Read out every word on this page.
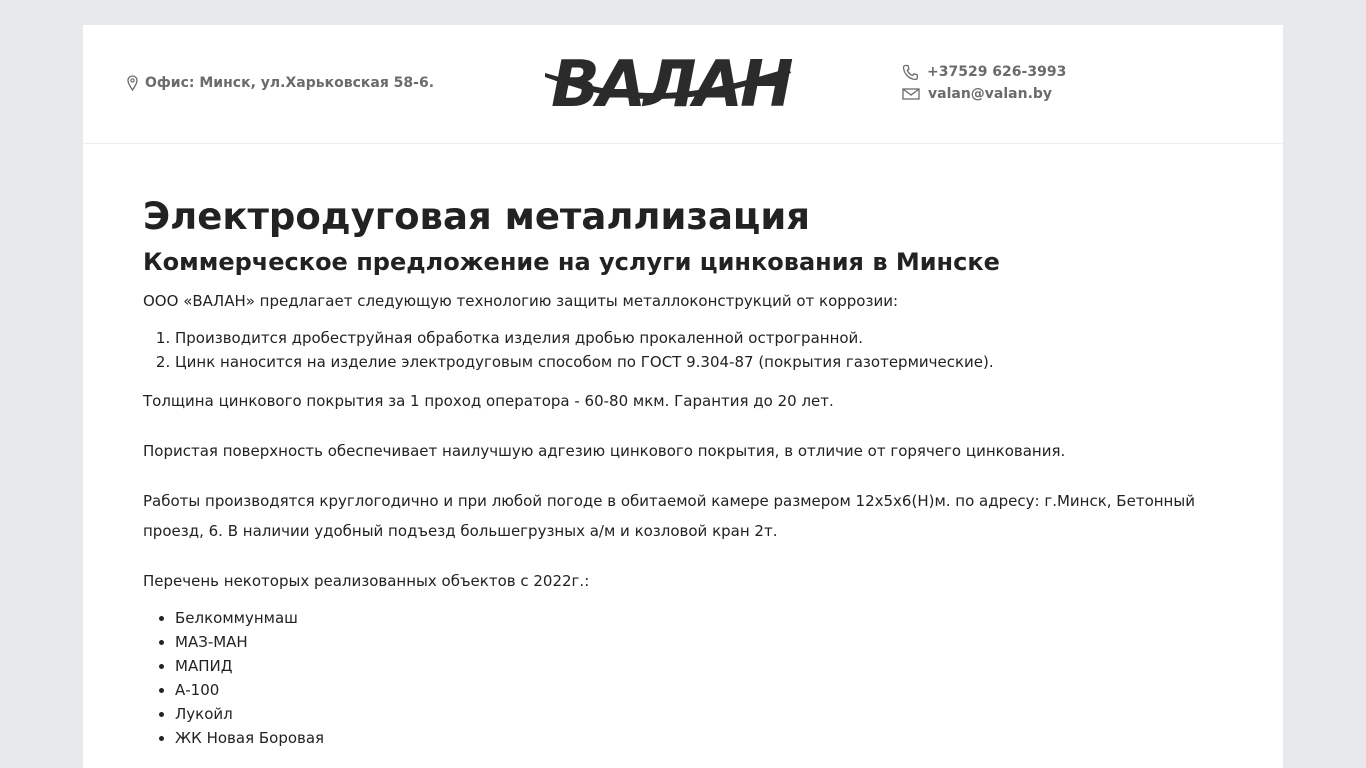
Офис: Минск, ул.Харьковская 58-6. ВАЛАН	+37529 626-3993
valan@valan.by
Электродуговая металлизация
Коммерческое предложение на услуги цинкования в Минске

ООО «ВАЛАН» предлагает следующую технологию защиты металлоконструкций от коррозии:

1. Производится дробеструйная обработка изделия дробью прокаленной острогранной.
2. Цинк наносится на изделие электродуговым способом по ГОСТ 9.304-87 (покрытия газотермические).

Толщина цинкового покрытия за 1 проход оператора - 60-80 мкм. Гарантия до 20 лет.

Пористая поверхность обеспечивает наилучшую адгезию цинкового покрытия, в отличие от горячего цинкования.

Работы производятся круглогодично и при любой погоде в обитаемой камере размером 12х5х6(Н)м. по адресу: г.Минск, Бетонный проезд, 6. В наличии удобный подъезд большегрузных а/м и козловой кран 2т.

Перечень некоторых реализованных объектов с 2022г.:

• Белкоммунмаш
• МАЗ-МАН
• МАПИД
• А-100
• Лукойл
• ЖК Новая Боровая
